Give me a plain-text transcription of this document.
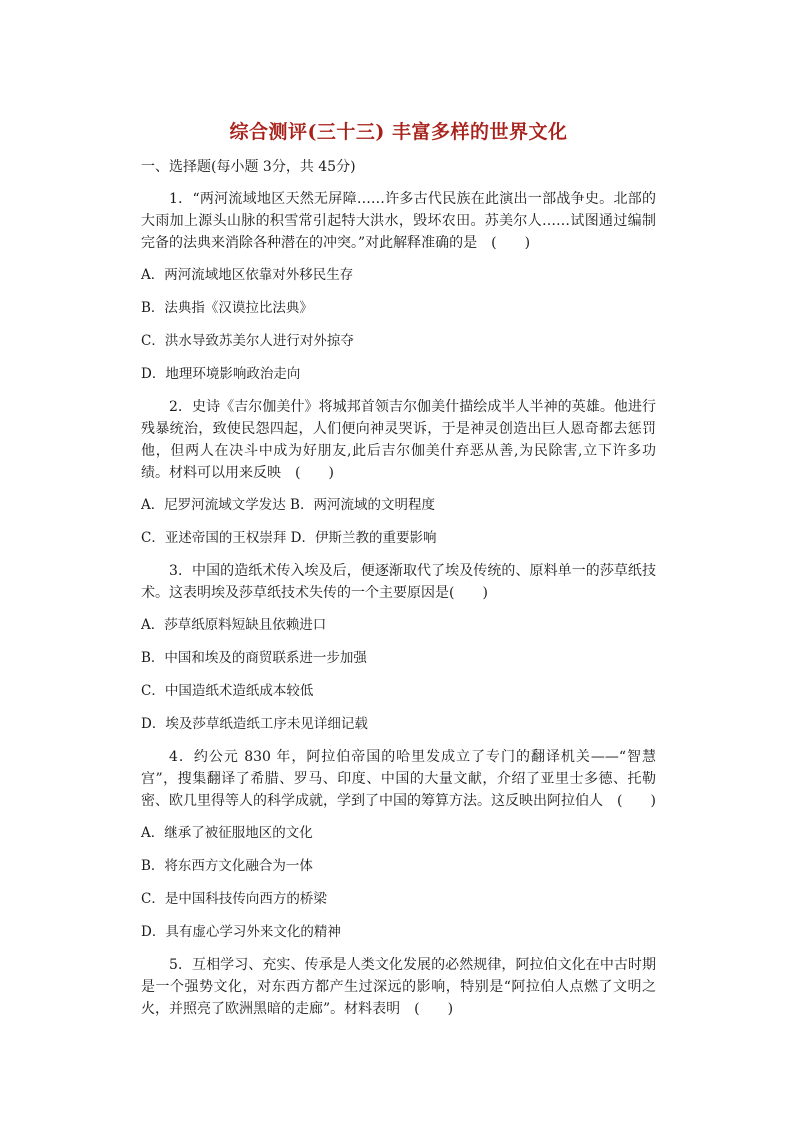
综合测评(三十三) 丰富多样的世界文化
一、选择题(每小题 3分，共 45分)
1．“两河流域地区天然无屏障……许多古代民族在此演出一部战争史。北部的大雨加上源头山脉的积雪常引起特大洪水，毁坏农田。苏美尔人……试图通过编制完备的法典来消除各种潜在的冲突。”对此解释准确的是　(　　)
A．两河流域地区依靠对外移民生存
B．法典指《汉谟拉比法典》
C．洪水导致苏美尔人进行对外掠夺
D．地理环境影响政治走向
2．史诗《吉尔伽美什》将城邦首领吉尔伽美什描绘成半人半神的英雄。他进行残暴统治，致使民怨四起，人们便向神灵哭诉，于是神灵创造出巨人恩奇都去惩罚他，但两人在决斗中成为好朋友,此后吉尔伽美什弃恶从善,为民除害,立下许多功绩。材料可以用来反映　(　　)
A．尼罗河流域文学发达 B．两河流域的文明程度
C．亚述帝国的王权崇拜 D．伊斯兰教的重要影响
3．中国的造纸术传入埃及后，便逐渐取代了埃及传统的、原料单一的莎草纸技术。这表明埃及莎草纸技术失传的一个主要原因是(　　)
A．莎草纸原料短缺且依赖进口
B．中国和埃及的商贸联系进一步加强
C．中国造纸术造纸成本较低
D．埃及莎草纸造纸工序未见详细记载
4．约公元 830 年，阿拉伯帝国的哈里发成立了专门的翻译机关——“智慧宫”，搜集翻译了希腊、罗马、印度、中国的大量文献，介绍了亚里士多德、托勒密、欧几里得等人的科学成就，学到了中国的筹算方法。这反映出阿拉伯人　(　　)
A．继承了被征服地区的文化
B．将东西方文化融合为一体
C．是中国科技传向西方的桥梁
D．具有虚心学习外来文化的精神
5．互相学习、充实、传承是人类文化发展的必然规律，阿拉伯文化在中古时期是一个强势文化，对东西方都产生过深远的影响，特别是“阿拉伯人点燃了文明之火，并照亮了欧洲黑暗的走廊”。材料表明　(　　)
